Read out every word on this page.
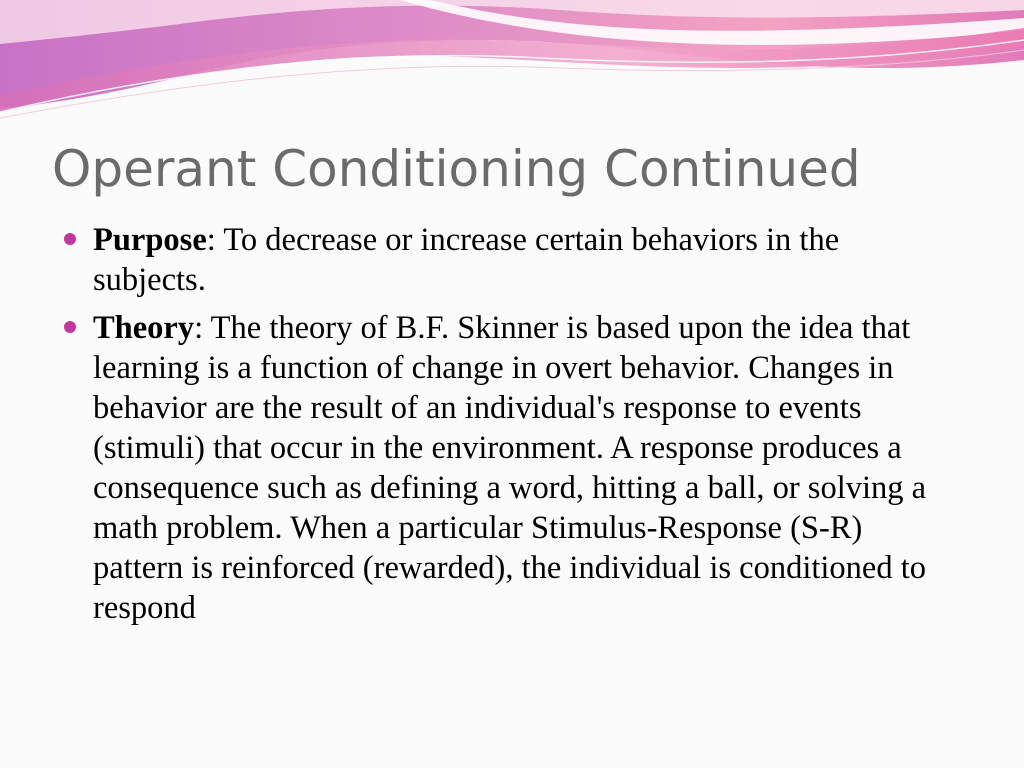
Operant Conditioning Continued
Purpose: To decrease or increase certain behaviors in the subjects.
Theory: The theory of B.F. Skinner is based upon the idea that learning is a function of change in overt behavior. Changes in behavior are the result of an individual's response to events (stimuli) that occur in the environment. A response produces a consequence such as defining a word, hitting a ball, or solving a math problem. When a particular Stimulus-Response (S-R) pattern is reinforced (rewarded), the individual is conditioned to respond
